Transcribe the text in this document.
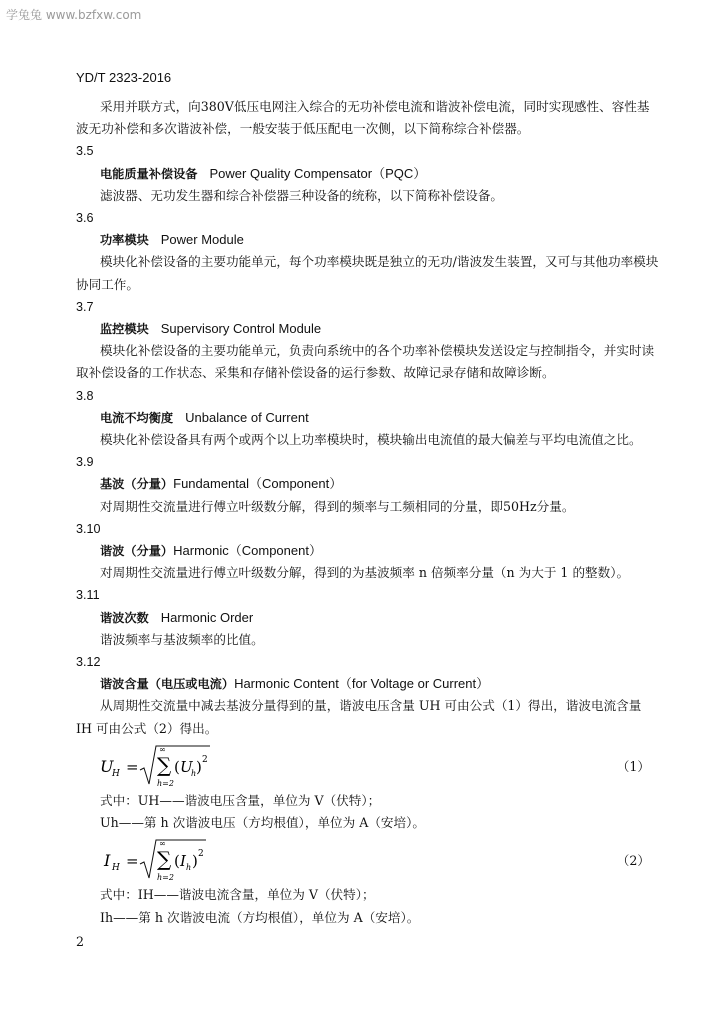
学兔兔 www.bzfxw.com
YD/T 2323-2016

采用并联方式，向380V低压电网注入综合的无功补偿电流和谐波补偿电流，同时实现感性、容性基波无功补偿和多次谐波补偿，一般安装于低压配电一次侧，以下简称综合补偿器。

3.5

电能质量补偿设备 Power Quality Compensator（PQC）

滤波器、无功发生器和综合补偿器三种设备的统称，以下简称补偿设备。

3.6

功率模块 Power Module

模块化补偿设备的主要功能单元，每个功率模块既是独立的无功/谐波发生装置，又可与其他功率模块协同工作。

3.7

监控模块 Supervisory Control Module

模块化补偿设备的主要功能单元，负责向系统中的各个功率补偿模块发送设定与控制指令，并实时读取补偿设备的工作状态、采集和存储补偿设备的运行参数、故障记录存储和故障诊断。

3.8

电流不均衡度 Unbalance of Current

模块化补偿设备具有两个或两个以上功率模块时，模块输出电流值的最大偏差与平均电流值之比。

3.9

基波（分量）Fundamental（Component）

对周期性交流量进行傅立叶级数分解，得到的频率与工频相同的分量，即50Hz分量。

3.10

谐波（分量）Harmonic（Component）

对周期性交流量进行傅立叶级数分解，得到的为基波频率 n 倍频率分量（n 为大于 1 的整数）。

3.11

谐波次数 Harmonic Order

谐波频率与基波频率的比值。

3.12

谐波含量（电压或电流）Harmonic Content（for Voltage or Current）

从周期性交流量中减去基波分量得到的量，谐波电压含量 UH 可由公式（1）得出，谐波电流含量 IH 可由公式（2）得出。

U
H =
∞
∑
h=2
( U
h ) 2	（1）

式中：UH——谐波电压含量，单位为 V（伏特）；

Uh——第 h 次谐波电压（方均根值），单位为 A（安培）。

I H =
∞
∑
h=2
( I h ) 2	（2）

式中：IH——谐波电流含量，单位为 V（伏特）；

Ih——第 h 次谐波电流（方均根值），单位为 A（安培）。

2
